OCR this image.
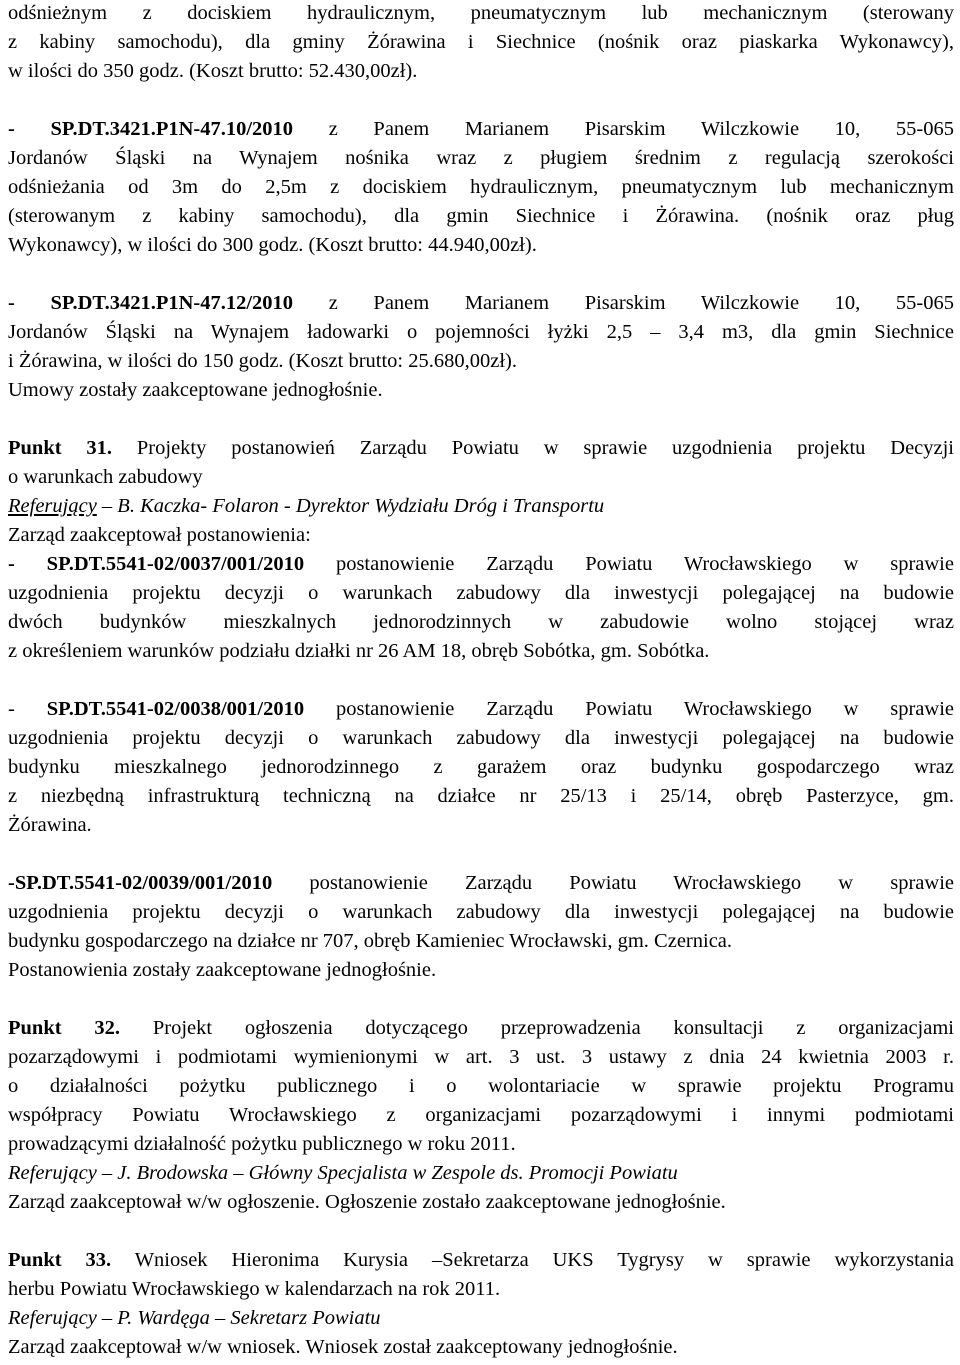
odśnieżnym z dociskiem hydraulicznym, pneumatycznym lub mechanicznym (sterowany
z kabiny samochodu), dla gminy Żórawina i Siechnice (nośnik oraz piaskarka Wykonawcy),
w ilości do 350 godz. (Koszt brutto: 52.430,00zł).
- SP.DT.3421.P1N-47.10/2010 z Panem Marianem Pisarskim Wilczkowie 10, 55-065
Jordanów Śląski na Wynajem nośnika wraz z pługiem średnim z regulacją szerokości
odśnieżania od 3m do 2,5m z dociskiem hydraulicznym, pneumatycznym lub mechanicznym
(sterowanym z kabiny samochodu), dla gmin Siechnice i Żórawina. (nośnik oraz pług
Wykonawcy), w ilości do 300 godz. (Koszt brutto: 44.940,00zł).
- SP.DT.3421.P1N-47.12/2010 z Panem Marianem Pisarskim Wilczkowie 10, 55-065
Jordanów Śląski na Wynajem ładowarki o pojemności łyżki 2,5 – 3,4 m3, dla gmin Siechnice
i Żórawina, w ilości do 150 godz. (Koszt brutto: 25.680,00zł).
Umowy zostały zaakceptowane jednogłośnie.
Punkt 31. Projekty postanowień Zarządu Powiatu w sprawie uzgodnienia projektu Decyzji
o warunkach zabudowy
Referujący – B. Kaczka- Folaron - Dyrektor Wydziału Dróg i Transportu
Zarząd zaakceptował postanowienia:
- SP.DT.5541-02/0037/001/2010 postanowienie Zarządu Powiatu Wrocławskiego w sprawie
uzgodnienia projektu decyzji o warunkach zabudowy dla inwestycji polegającej na budowie
dwóch budynków mieszkalnych jednorodzinnych w zabudowie wolno stojącej wraz
z określeniem warunków podziału działki nr 26 AM 18, obręb Sobótka, gm. Sobótka.
- SP.DT.5541-02/0038/001/2010 postanowienie Zarządu Powiatu Wrocławskiego w sprawie
uzgodnienia projektu decyzji o warunkach zabudowy dla inwestycji polegającej na budowie
budynku mieszkalnego jednorodzinnego z garażem oraz budynku gospodarczego wraz
z niezbędną infrastrukturą techniczną na działce nr 25/13 i 25/14, obręb Pasterzyce, gm.
Żórawina.
-SP.DT.5541-02/0039/001/2010 postanowienie Zarządu Powiatu Wrocławskiego w sprawie
uzgodnienia projektu decyzji o warunkach zabudowy dla inwestycji polegającej na budowie
budynku gospodarczego na działce nr 707, obręb Kamieniec Wrocławski, gm. Czernica.
Postanowienia zostały zaakceptowane jednogłośnie.
Punkt 32. Projekt ogłoszenia dotyczącego przeprowadzenia konsultacji z organizacjami
pozarządowymi i podmiotami wymienionymi w art. 3 ust. 3 ustawy z dnia 24 kwietnia 2003 r.
o działalności pożytku publicznego i o wolontariacie w sprawie projektu Programu
współpracy Powiatu Wrocławskiego z organizacjami pozarządowymi i innymi podmiotami
prowadzącymi działalność pożytku publicznego w roku 2011.
Referujący – J. Brodowska – Główny Specjalista w Zespole ds. Promocji Powiatu
Zarząd zaakceptował w/w ogłoszenie. Ogłoszenie zostało zaakceptowane jednogłośnie.
Punkt 33. Wniosek Hieronima Kurysia –Sekretarza UKS Tygrysy w sprawie wykorzystania
herbu Powiatu Wrocławskiego w kalendarzach na rok 2011.
Referujący – P. Wardęga – Sekretarz Powiatu
Zarząd zaakceptował w/w wniosek. Wniosek został zaakceptowany jednogłośnie.
